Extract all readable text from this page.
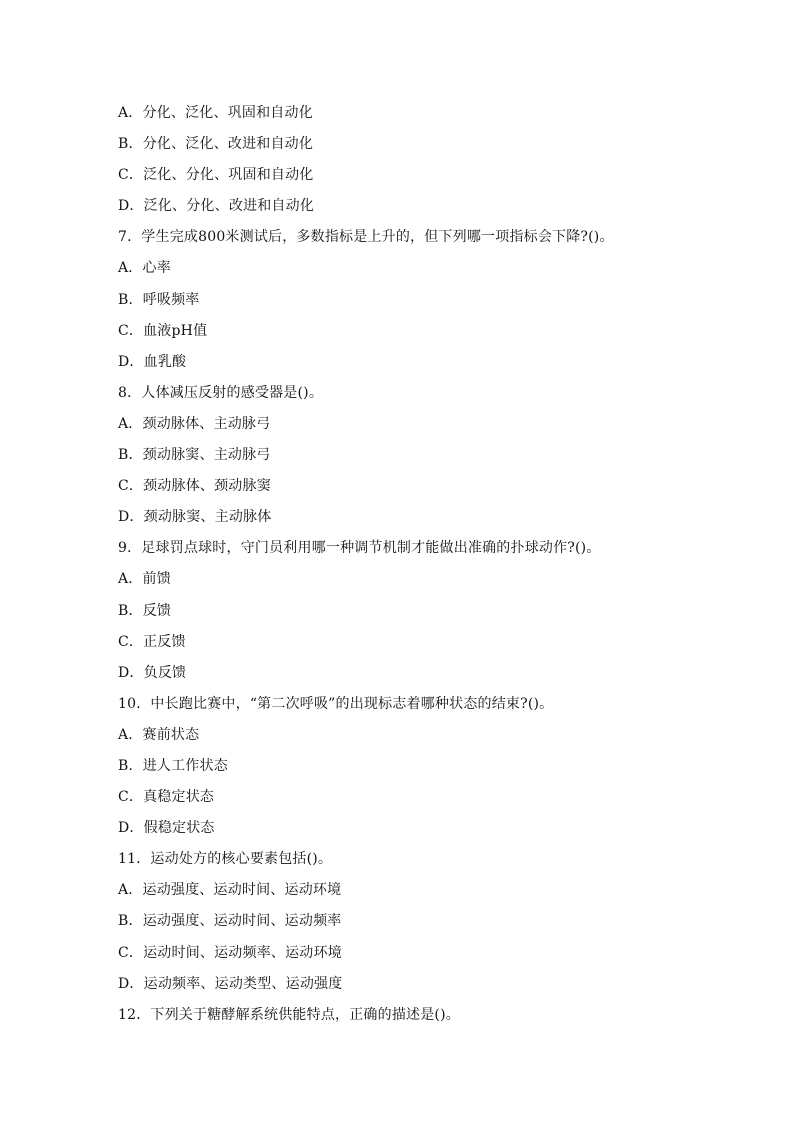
A．分化、泛化、巩固和自动化
B．分化、泛化、改进和自动化
C．泛化、分化、巩固和自动化
D．泛化、分化、改进和自动化
7．学生完成800米测试后，多数指标是上升的，但下列哪一项指标会下降?()。
A．心率
B．呼吸频率
C．血液pH值
D．血乳酸
8．人体减压反射的感受器是()。
A．颈动脉体、主动脉弓
B．颈动脉窦、主动脉弓
C．颈动脉体、颈动脉窦
D．颈动脉窦、主动脉体
9．足球罚点球时，守门员利用哪一种调节机制才能做出准确的扑球动作?()。
A．前馈
B．反馈
C．正反馈
D．负反馈
10．中长跑比赛中，“第二次呼吸”的出现标志着哪种状态的结束?()。
A．赛前状态
B．进人工作状态
C．真稳定状态
D．假稳定状态
11．运动处方的核心要素包括()。
A．运动强度、运动时间、运动环境
B．运动强度、运动时间、运动频率
C．运动时间、运动频率、运动环境
D．运动频率、运动类型、运动强度
12．下列关于糖酵解系统供能特点，正确的描述是()。
